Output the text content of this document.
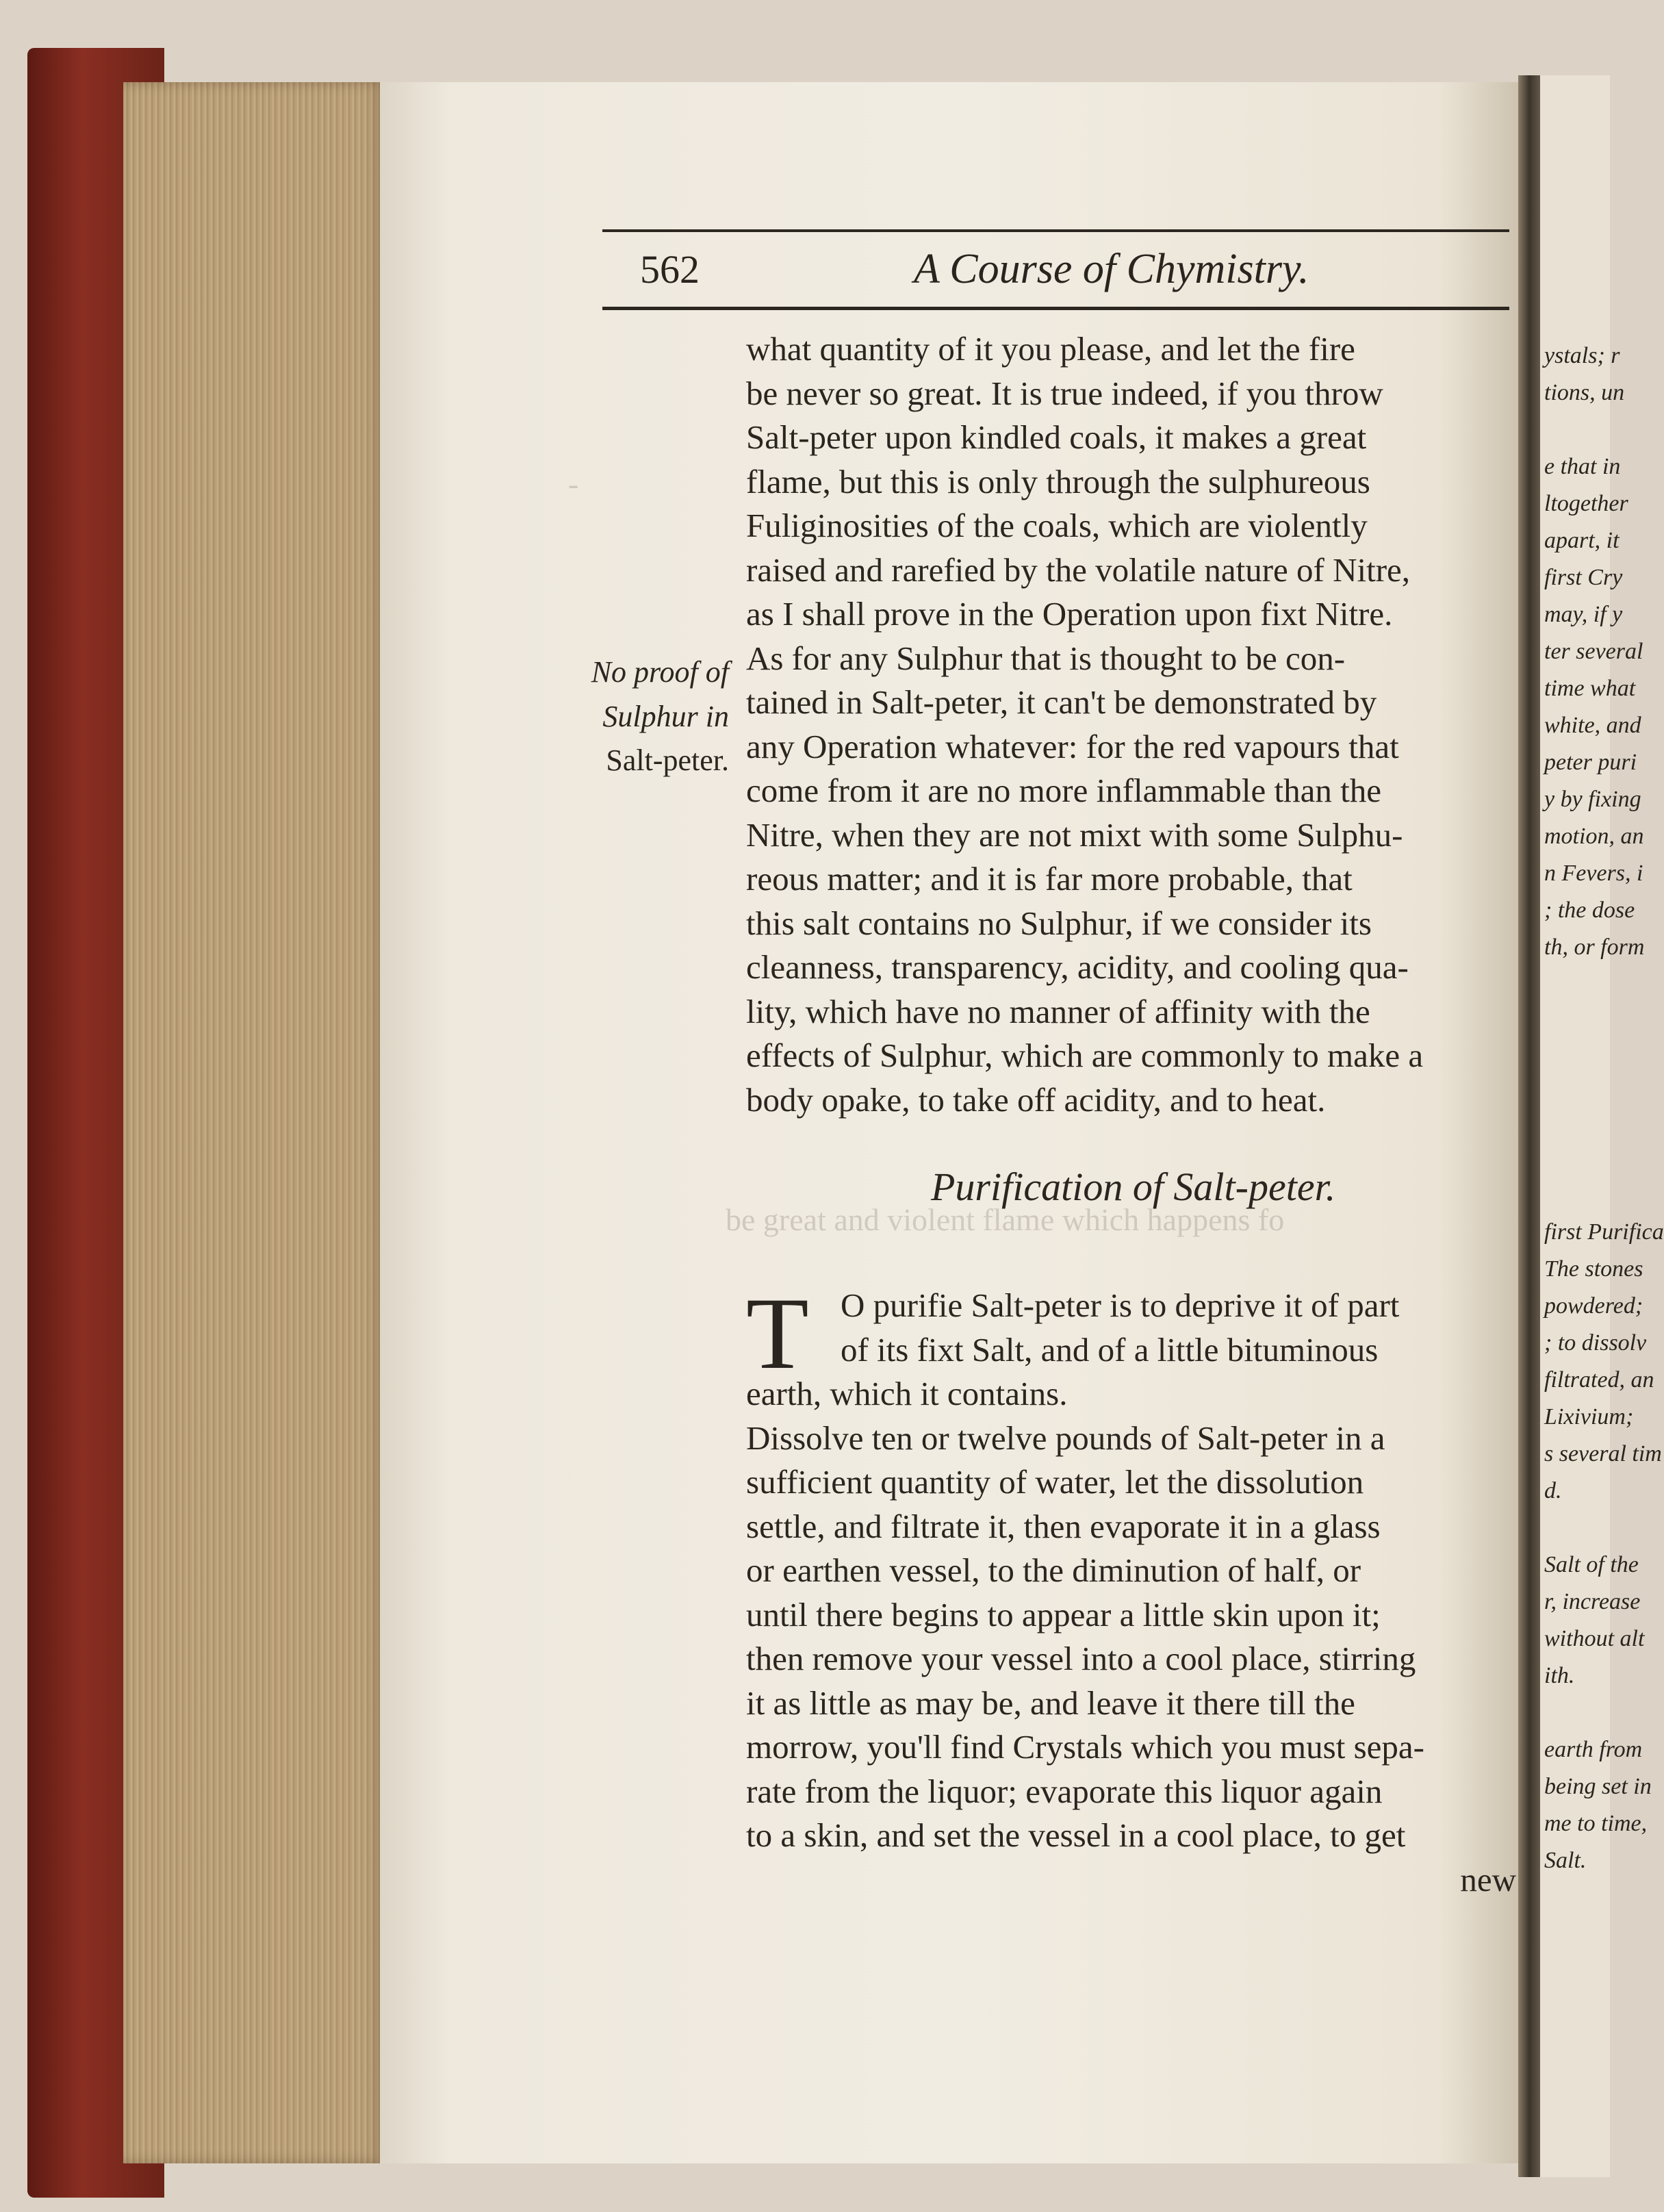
ystals; r
tions, un
e that in
ltogether
apart, it
first Cry
may, if y
ter several
time what
white, and
peter puri
y by fixing
motion, an
n Fevers, i
; the dose
th, or form
first Purifica
The stones
powdered;
; to dissolv
filtrated, an
Lixivium;
s several tim
d.
Salt of the
r, increase
without alt
ith.
earth from
being set in
me to time,
Salt.
562	A Course of Chymistry.
-
be great and violent flame which happens fo
what quantity of it you please, and let the fire
be never so great. It is true indeed, if you throw
Salt-peter upon kindled coals, it makes a great
flame, but this is only through the sulphureous
Fuliginosities of the coals, which are violently
raised and rarefied by the volatile nature of Nitre,
as I shall prove in the Operation upon fixt Nitre.
As for any Sulphur that is thought to be con-
tained in Salt-peter, it can't be demonstrated by
any Operation whatever: for the red vapours that
come from it are no more inflammable than the
Nitre, when they are not mixt with some Sulphu-
reous matter; and it is far more probable, that
this salt contains no Sulphur, if we consider its
cleanness, transparency, acidity, and cooling qua-
lity, which have no manner of affinity with the
effects of Sulphur, which are commonly to make a
body opake, to take off acidity, and to heat.
No proof of
Sulphur in
Salt-peter.
Purification of Salt-peter.
T O purifie Salt-peter is to deprive it of part
of its fixt Salt, and of a little bituminous
earth, which it contains.
Dissolve ten or twelve pounds of Salt-peter in a
sufficient quantity of water, let the dissolution
settle, and filtrate it, then evaporate it in a glass
or earthen vessel, to the diminution of half, or
until there begins to appear a little skin upon it;
then remove your vessel into a cool place, stirring
it as little as may be, and leave it there till the
morrow, you'll find Crystals which you must sepa-
rate from the liquor; evaporate this liquor again
to a skin, and set the vessel in a cool place, to get
new
